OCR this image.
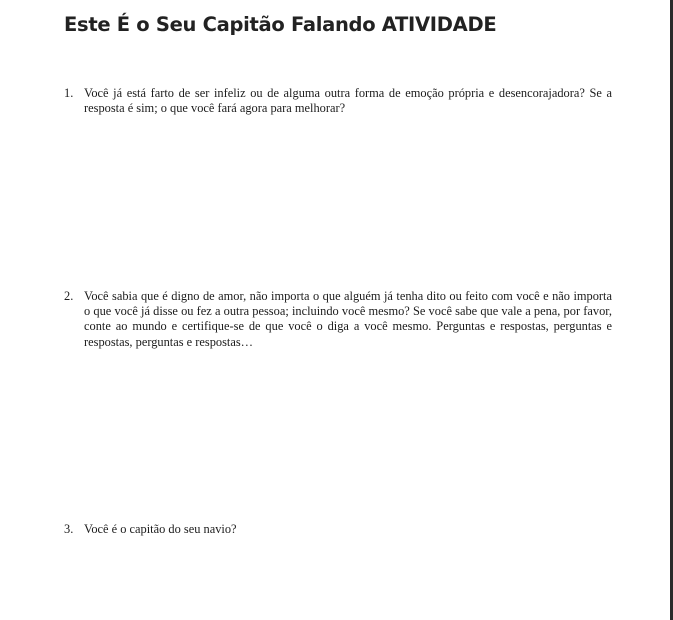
Este É o Seu Capitão Falando ATIVIDADE
1. Você já está farto de ser infeliz ou de alguma outra forma de emoção própria e desencorajadora? Se a resposta é sim; o que você fará agora para melhorar?
2. Você sabia que é digno de amor, não importa o que alguém já tenha dito ou feito com você e não importa o que você já disse ou fez a outra pessoa; incluindo você mesmo? Se você sabe que vale a pena, por favor, conte ao mundo e certifique-se de que você o diga a você mesmo. Perguntas e respostas, perguntas e respostas, perguntas e respostas…
3. Você é o capitão do seu navio?
